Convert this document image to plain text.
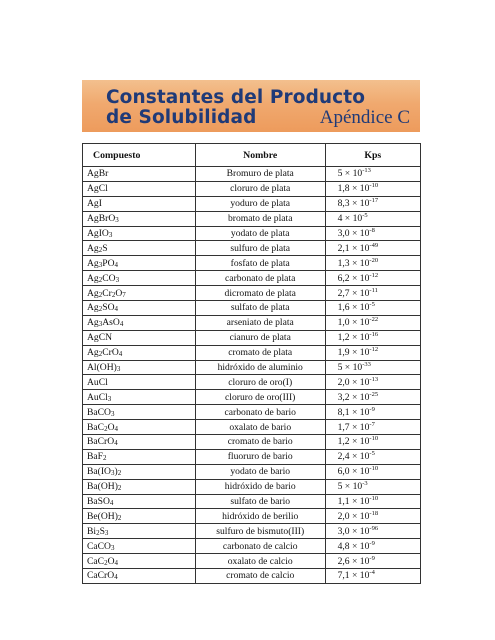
Constantes del Producto
de Solubilidad	Apéndice C
Compuesto	Nombre	Kps
AgBr	Bromuro de plata	$5 \times 10^{-13}$
AgCl	cloruro de plata	$1,8 \times 10^{-10}$
AgI	yoduro de plata	$8,3 \times 10^{-17}$
AgBrO$_3$	bromato de plata	$4 \times 10^{-5}$
AgIO$_3$	yodato de plata	$3,0 \times 10^{-8}$
$Ag_2S$	sulfuro de plata	$2,1 \times 10^{-49}$
$Ag_3PO_4$	fosfato de plata	$1,3 \times 10^{-20}$
$Ag_2CO_3$	carbonato de plata	$6,2 \times 10^{-12}$
$Ag_2Cr_2O_7$	dicromato de plata	$2,7 \times 10^{-11}$
$Ag_2SO_4$	sulfato de plata	$1,6 \times 10^{-5}$
$Ag_3AsO_4$	arseniato de plata	$1,0 \times 10^{-22}$
AgCN	cianuro de plata	$1,2 \times 10^{-16}$
$Ag_2CrO_4$	cromato de plata	$1,9 \times 10^{-12}$
$Al(OH)_3$	hidróxido de aluminio	$5 \times 10^{-33}$
AuCl	cloruro de oro(I)	$2,0 \times 10^{-13}$
AuCl$_3$	cloruro de oro(III)	$3,2 \times 10^{-25}$
BaCO$_3$	carbonato de bario	$8,1 \times 10^{-9}$
$BaC_2O_4$	oxalato de bario	$1,7 \times 10^{-7}$
BaCrO$_4$	cromato de bario	$1,2 \times 10^{-10}$
BaF$_2$	fluoruro de bario	$2,4 \times 10^{-5}$
$Ba(IO_3)_2$	yodato de bario	$6,0 \times 10^{-10}$
$Ba(OH)_2$	hidróxido de bario	$5 \times 10^{-3}$
BaSO$_4$	sulfato de bario	$1,1 \times 10^{-10}$
$Be(OH)_2$	hidróxido de berilio	$2,0 \times 10^{-18}$
$Bi_2S_3$	sulfuro de bismuto(III)	$3,0 \times 10^{-96}$
CaCO$_3$	carbonato de calcio	$4,8 \times 10^{-9}$
$CaC_2O_4$	oxalato de calcio	$2,6 \times 10^{-9}$
CaCrO$_4$	cromato de calcio	$7,1 \times 10^{-4}$
